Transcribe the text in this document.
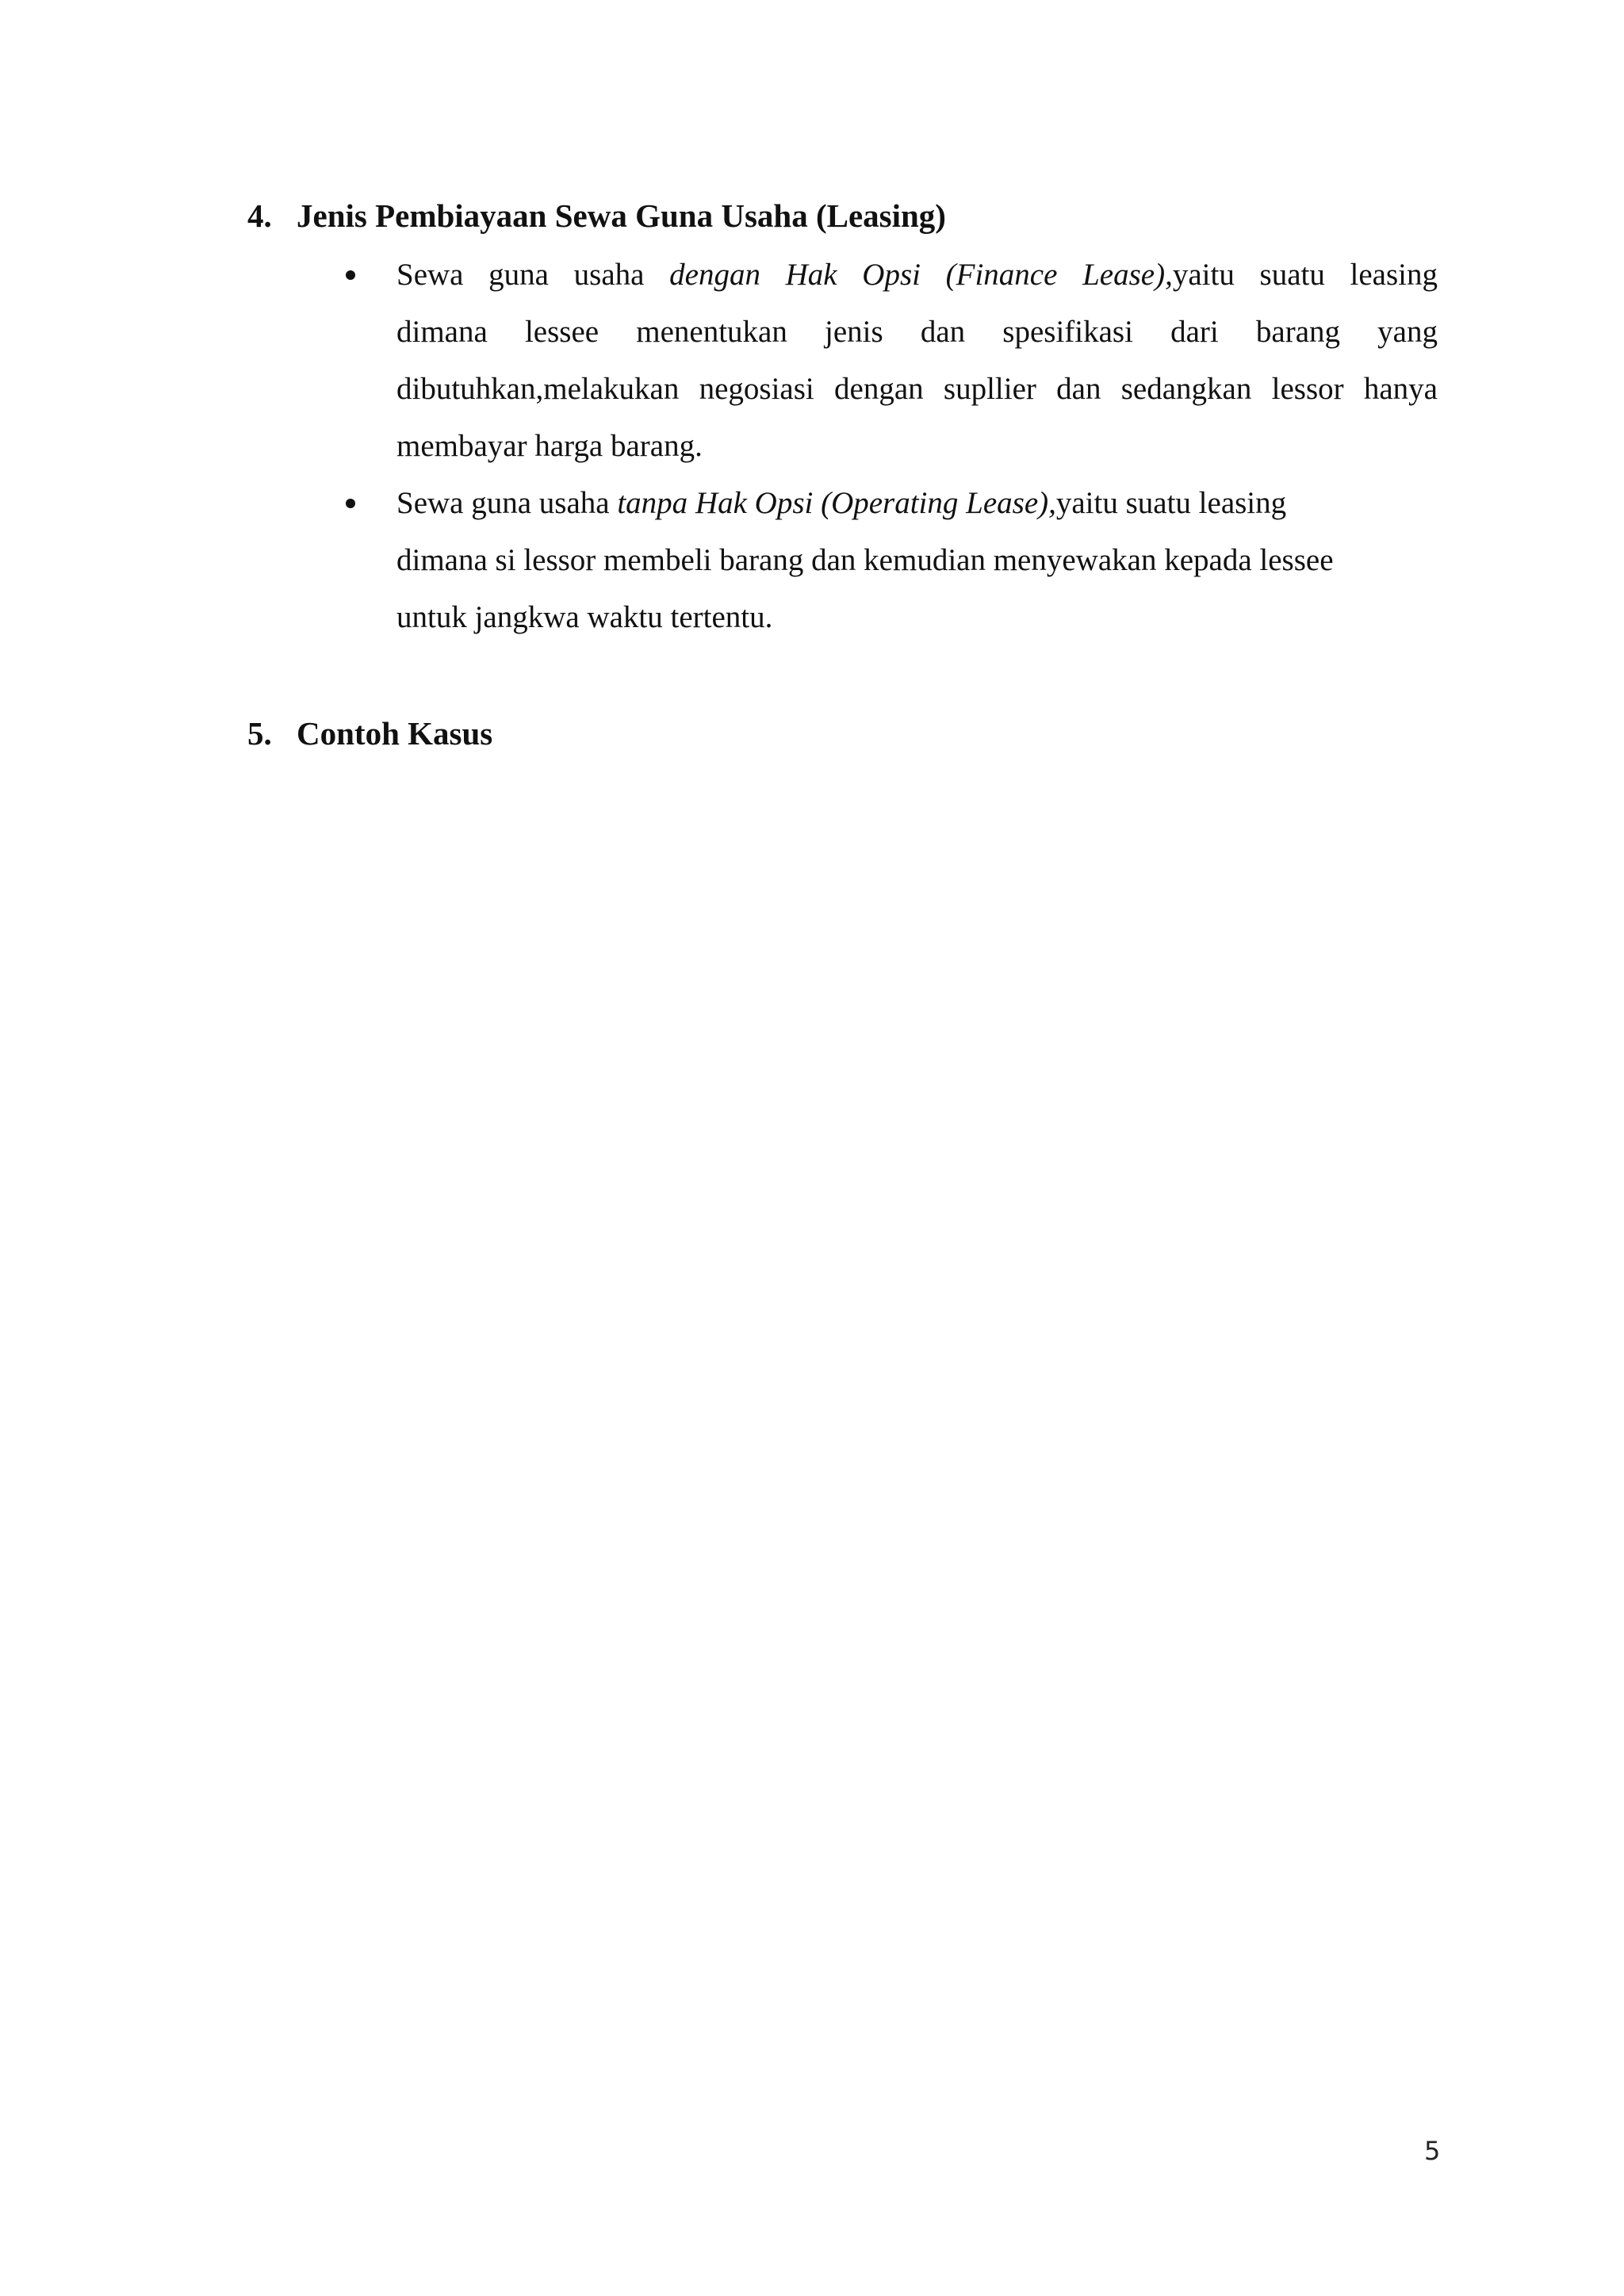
4. Jenis Pembiayaan Sewa Guna Usaha (Leasing)
Sewa guna usaha dengan Hak Opsi (Finance Lease),yaitu suatu leasing
dimana lessee menentukan jenis dan spesifikasi dari barang yang
dibutuhkan,melakukan negosiasi dengan supllier dan sedangkan lessor hanya
membayar harga barang.
Sewa guna usaha tanpa Hak Opsi (Operating Lease),yaitu suatu leasing
dimana si lessor membeli barang dan kemudian menyewakan kepada lessee
untuk jangkwa waktu tertentu.
5. Contoh Kasus
5
